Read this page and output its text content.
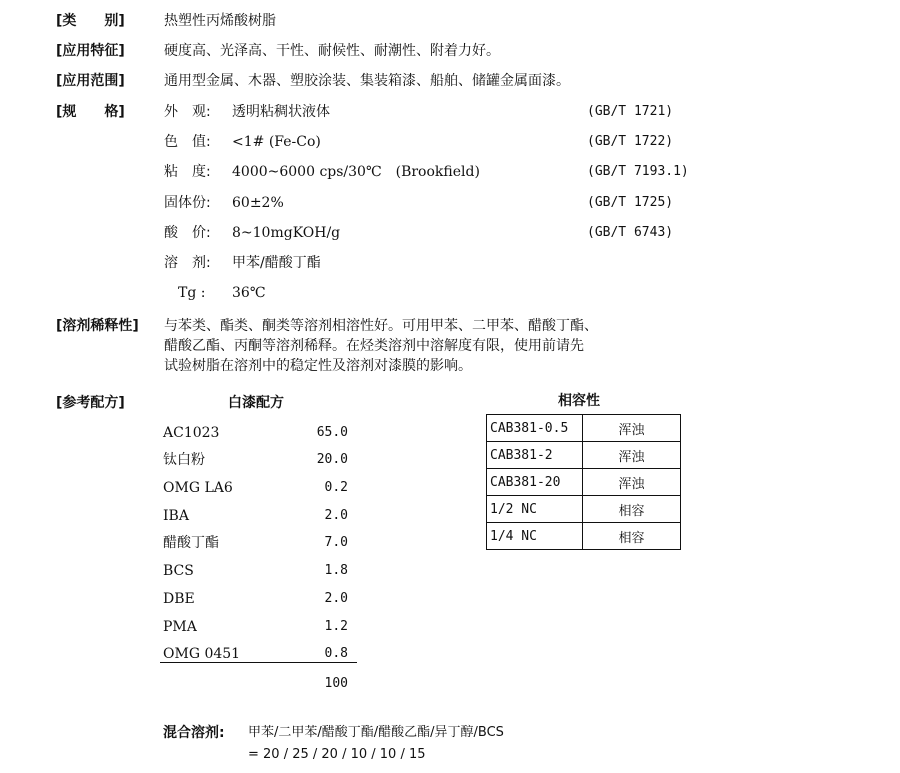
[类　　别]	热塑性丙烯酸树脂
[应用特征]	硬度高、光泽高、干性、耐候性、耐潮性、附着力好。
[应用范围]	通用型金属、木器、塑胶涂装、集装箱漆、船舶、储罐金属面漆。
[规　　格]	外　观: 透明粘稠状液体	(GB/T 1721)
色　值: <1# (Fe-Co)	(GB/T 1722)
粘　度: 4000~6000 cps/30℃　(Brookfield)	(GB/T 7193.1)
固体份: 60±2%	(GB/T 1725)
酸　价: 8~10mgKOH/g	(GB/T 6743)
溶　剂: 甲苯/醋酸丁酯
Tg : 36℃
[溶剂稀释性] 与苯类、酯类、酮类等溶剂相溶性好。可用甲苯、二甲苯、醋酸丁酯、
醋酸乙酯、丙酮等溶剂稀释。在烃类溶剂中溶解度有限，使用前请先
试验树脂在溶剂中的稳定性及溶剂对漆膜的影响。
[参考配方]	白漆配方	相容性
AC1023	65.0
钛白粉	20.0
OMG LA6	0.2
IBA	2.0
醋酸丁酯	7.0
BCS	1.8
DBE	2.0
PMA	1.2
OMG 0451	0.8
100
CAB381-0.5	浑浊
CAB381-2	浑浊
CAB381-20	浑浊
1/2 NC	相容
1/4 NC	相容
混合溶剂: 甲苯/二甲苯/醋酸丁酯/醋酸乙酯/异丁醇/BCS
= 20 / 25 / 20 / 10 / 10 / 15
